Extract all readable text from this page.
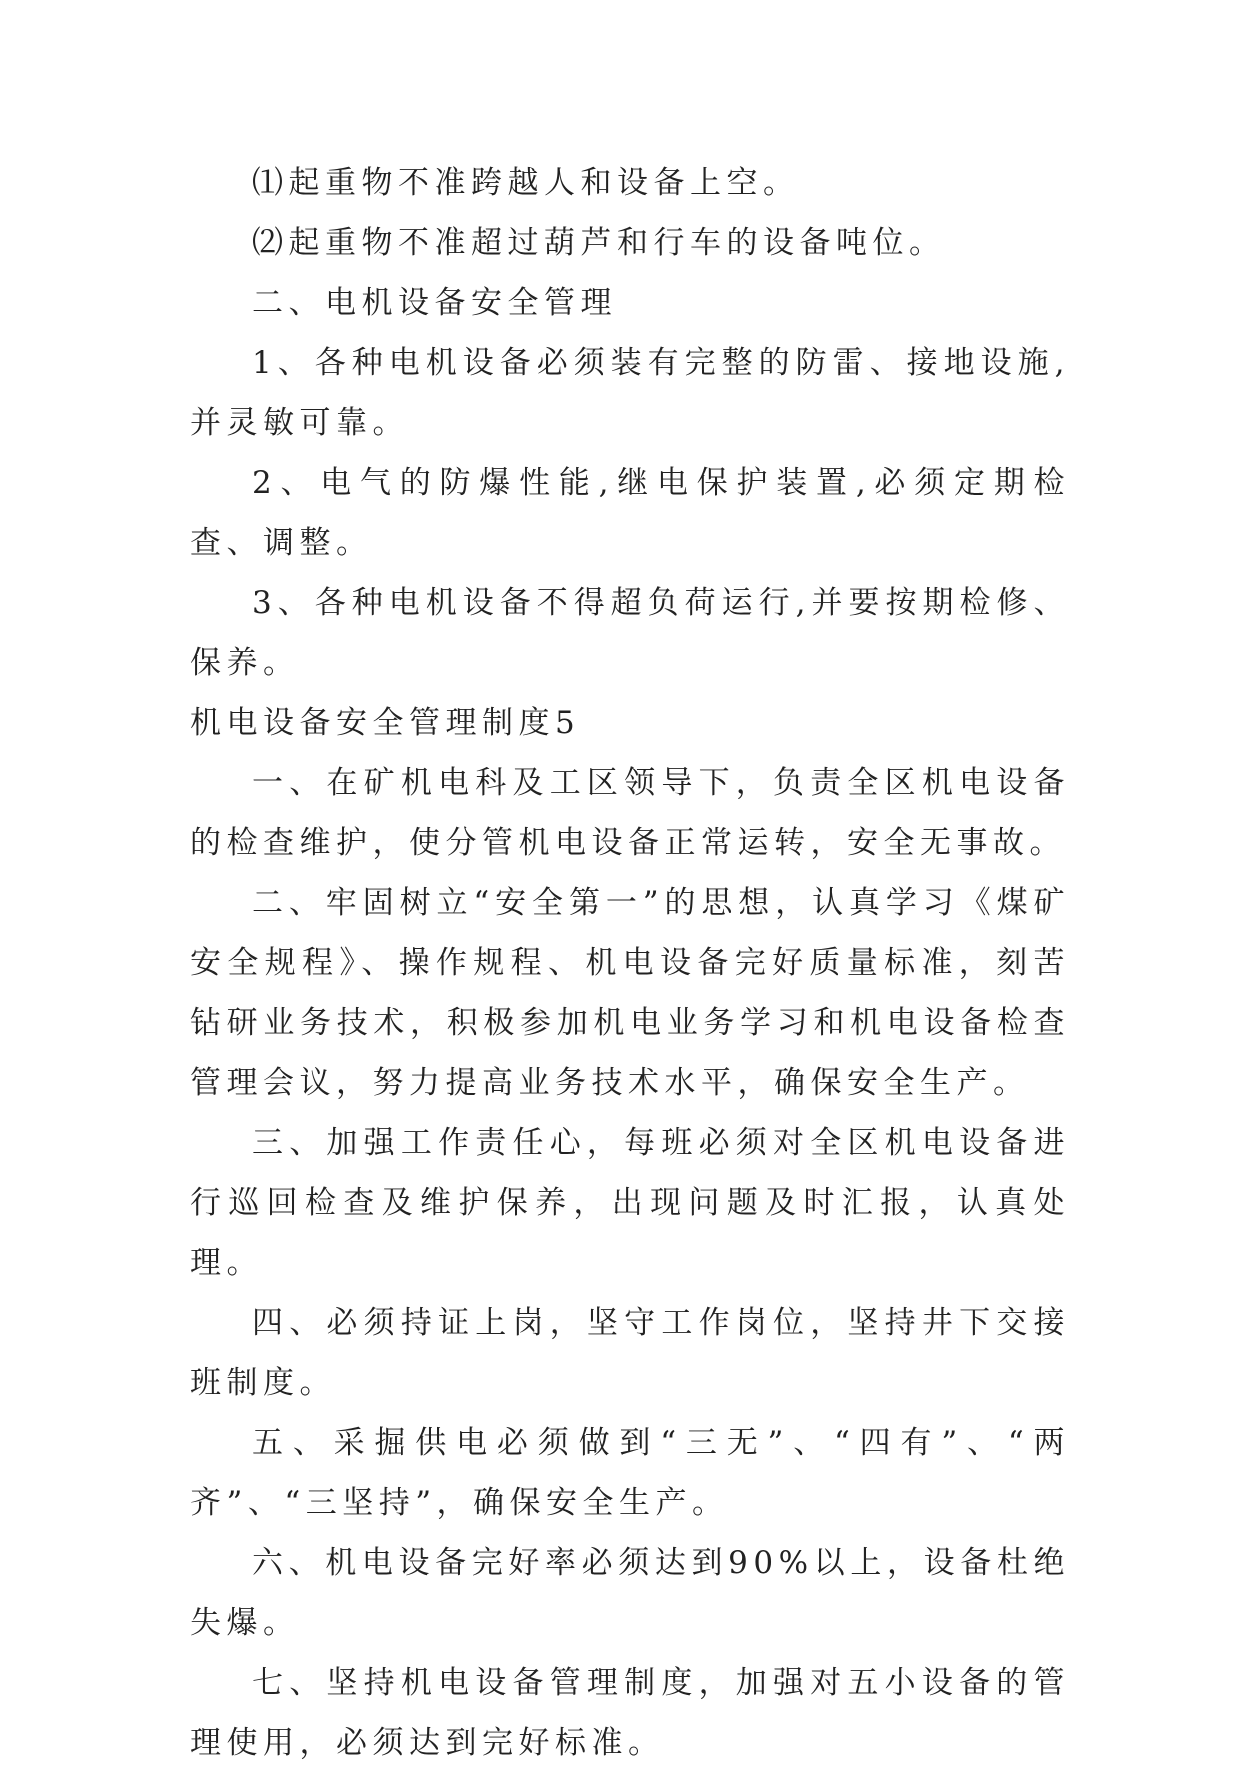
⑴起重物不准跨越人和设备上空。

⑵起重物不准超过葫芦和行车的设备吨位。

二、电机设备安全管理

1、各种电机设备必须装有完整的防雷、接地设施,并灵敏可靠。

2、电气的防爆性能,继电保护装置,必须定期检查、调整。

3、各种电机设备不得超负荷运行,并要按期检修、保养。

机电设备安全管理制度5

一、在矿机电科及工区领导下，负责全区机电设备的检查维护，使分管机电设备正常运转，安全无事故。

二、牢固树立“安全第一”的思想，认真学习《煤矿安全规程》、操作规程、机电设备完好质量标准，刻苦钻研业务技术，积极参加机电业务学习和机电设备检查管理会议，努力提高业务技术水平，确保安全生产。

三、加强工作责任心，每班必须对全区机电设备进行巡回检查及维护保养，出现问题及时汇报，认真处理。

四、必须持证上岗，坚守工作岗位，坚持井下交接班制度。

五、采掘供电必须做到“三无”、“四有”、“两齐”、“三坚持”，确保安全生产。

六、机电设备完好率必须达到90%以上，设备杜绝失爆。

七、坚持机电设备管理制度，加强对五小设备的管理使用，必须达到完好标准。
